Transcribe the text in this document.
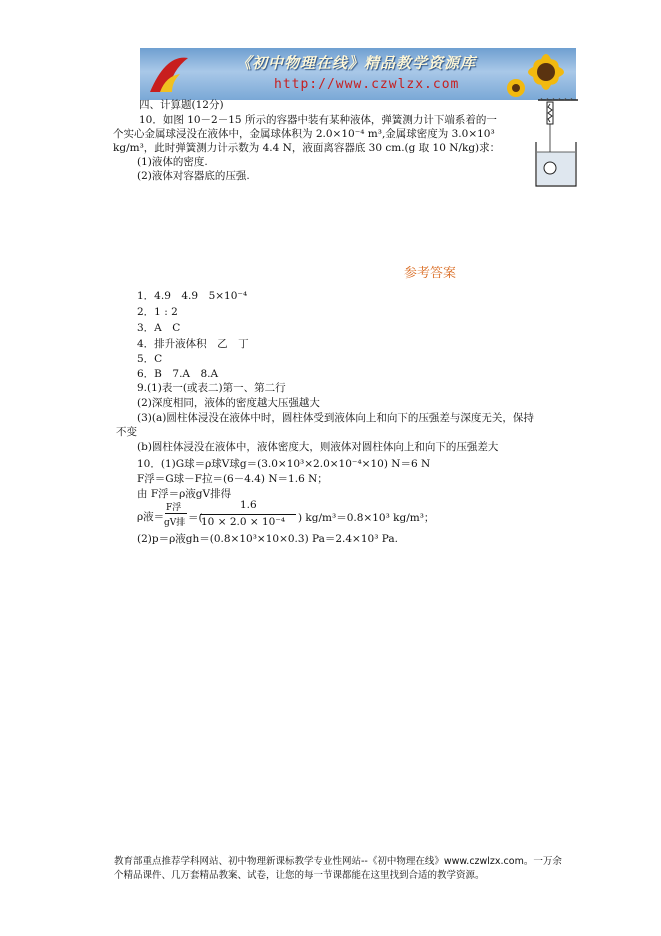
《初中物理在线》精品教学资源库
http://www.czwlzx.com
四、计算题(12分)
10．如图 10－2－15 所示的容器中装有某种液体，弹簧测力计下端系着的一
个实心金属球浸没在液体中，金属球体积为 2.0×10⁻⁴ m³,金属球密度为 3.0×10³
kg/m³，此时弹簧测力计示数为 4.4 N，液面离容器底 30 cm.(g 取 10 N/kg)求：
(1)液体的密度.
(2)液体对容器底的压强.
参考答案
1．4.9　4.9　5×10⁻⁴
2．1 : 2
3．A　C
4．排升液体积　乙　丁
5．C
6．B　7.A　8.A
9.(1)表一(或表二)第一、第二行
(2)深度相同，液体的密度越大压强越大
(3)(a)圆柱体浸没在液体中时，圆柱体受到液体向上和向下的压强差与深度无关，保持
不变
(b)圆柱体浸没在液体中，液体密度大，则液体对圆柱体向上和向下的压强差大
10．(1)G球＝ρ球V球g＝(3.0×10³×2.0×10⁻⁴×10) N＝6 N
F浮＝G球－F拉＝(6－4.4) N＝1.6 N；
由 F浮＝ρ液gV排得
ρ液＝
F浮
gV排 ＝(
1.6
10 × 2.0 × 10⁻⁴ ) kg/m³＝0.8×10³ kg/m³；
(2)p＝ρ液gh＝(0.8×10³×10×0.3) Pa＝2.4×10³ Pa.
教育部重点推荐学科网站、初中物理新课标教学专业性网站--《初中物理在线》www.czwlzx.com。一万余
个精品课件、几万套精品教案、试卷，让您的每一节课都能在这里找到合适的教学资源。
